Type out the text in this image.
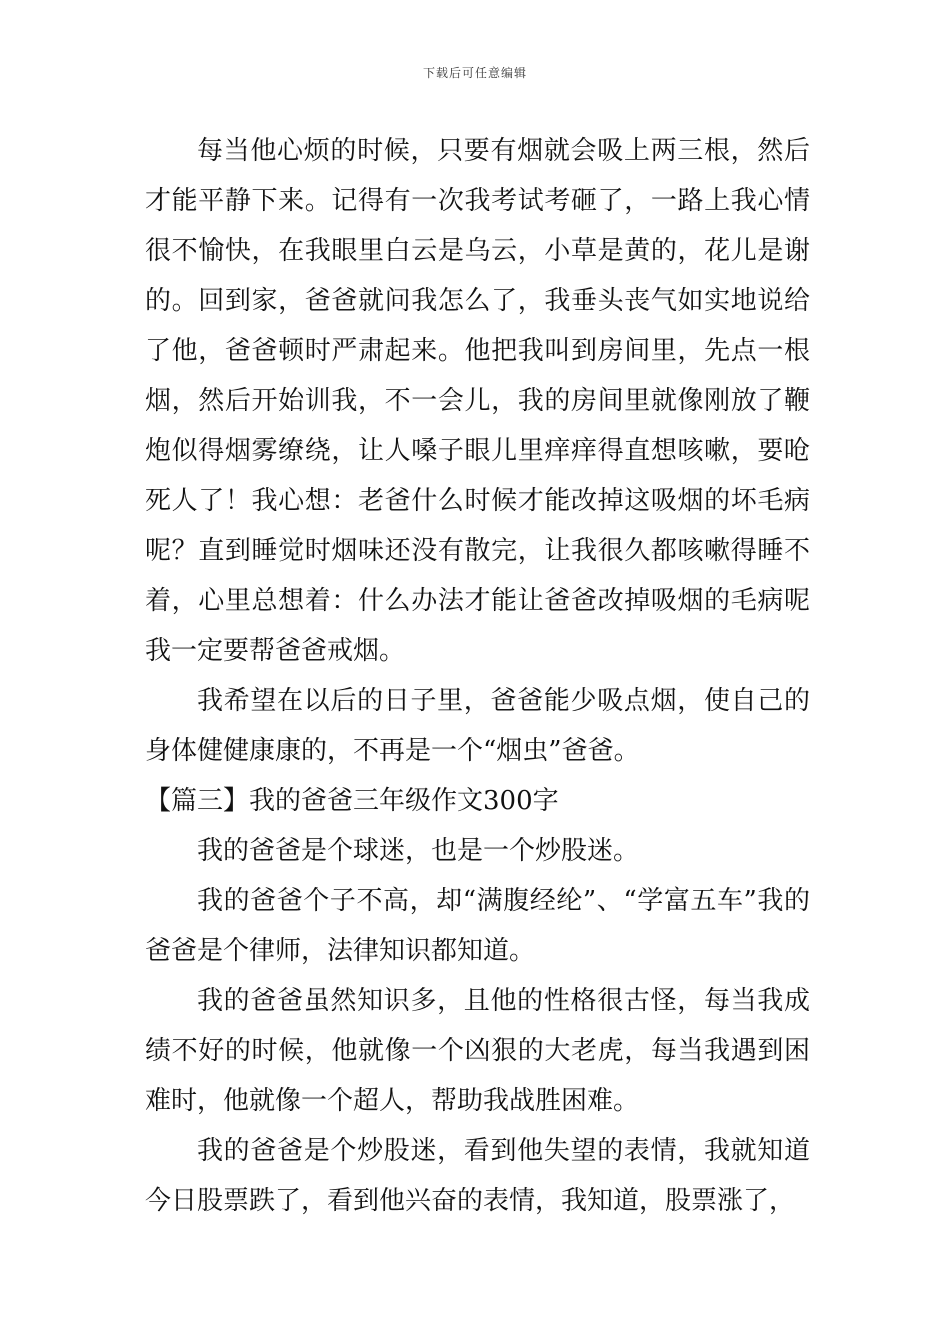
下载后可任意编辑

每当他心烦的时候，只要有烟就会吸上两三根，然后才能平静下来。记得有一次我考试考砸了，一路上我心情很不愉快，在我眼里白云是乌云，小草是黄的，花儿是谢的。回到家，爸爸就问我怎么了，我垂头丧气如实地说给了他，爸爸顿时严肃起来。他把我叫到房间里，先点一根烟，然后开始训我，不一会儿，我的房间里就像刚放了鞭炮似得烟雾缭绕，让人嗓子眼儿里痒痒得直想咳嗽，要呛死人了！我心想：老爸什么时候才能改掉这吸烟的坏毛病呢？直到睡觉时烟味还没有散完，让我很久都咳嗽得睡不着，心里总想着：什么办法才能让爸爸改掉吸烟的毛病呢我一定要帮爸爸戒烟。

我希望在以后的日子里，爸爸能少吸点烟，使自己的身体健健康康的，不再是一个“烟虫”爸爸。

【篇三】我的爸爸三年级作文300字

我的爸爸是个球迷，也是一个炒股迷。

我的爸爸个子不高，却“满腹经纶”、“学富五车”我的爸爸是个律师，法律知识都知道。

我的爸爸虽然知识多，且他的性格很古怪，每当我成绩不好的时候，他就像一个凶狠的大老虎，每当我遇到困难时，他就像一个超人，帮助我战胜困难。

我的爸爸是个炒股迷，看到他失望的表情，我就知道今日股票跌了，看到他兴奋的表情，我知道，股票涨了，
